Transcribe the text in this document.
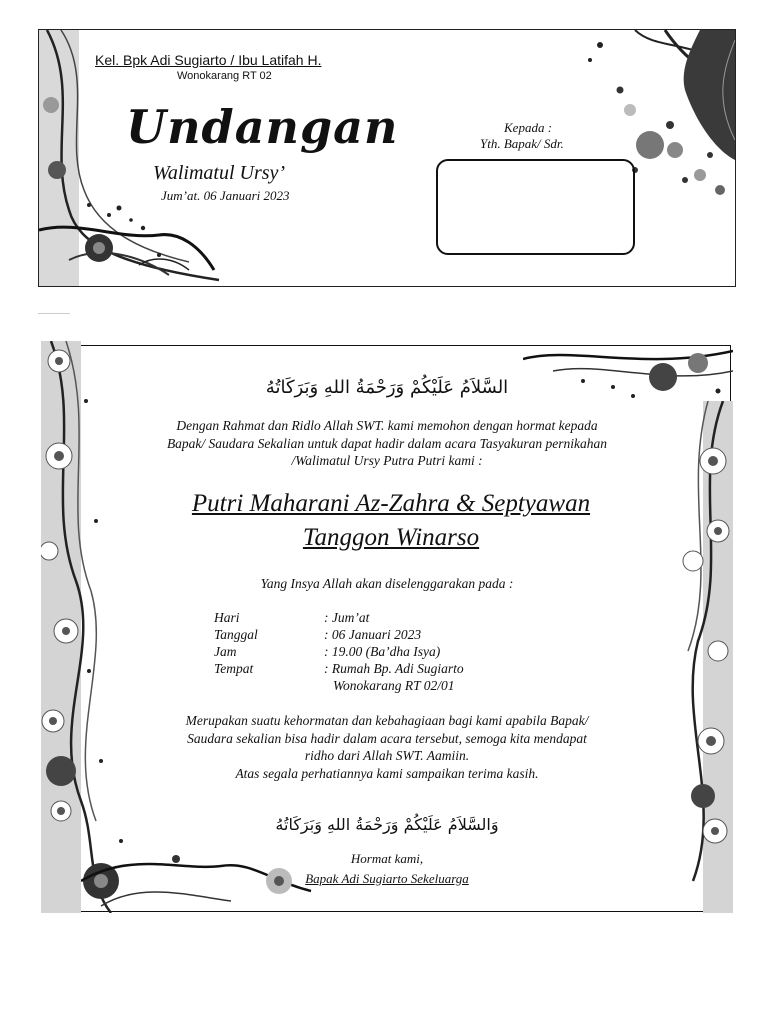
Kel. Bpk Adi Sugiarto / Ibu Latifah H.
Wonokarang RT 02
Undangan
Walimatul Ursy’
Jum’at. 06 Januari 2023
Kepada :
Yth. Bapak/ Sdr.
السَّلاَمُ عَلَيْكُمْ وَرَحْمَةُ اللهِ وَبَرَكَاتُهُ
Dengan Rahmat dan Ridlo Allah SWT. kami memohon dengan hormat kepada
Bapak/ Saudara Sekalian untuk dapat hadir dalam acara Tasyakuran pernikahan
/Walimatul Ursy Putra Putri kami :
Putri Maharani Az-Zahra & Septyawan
Tanggon Winarso
Yang Insya Allah akan diselenggarakan pada :
Hari	: Jum’at
Tanggal	: 06 Januari 2023
Jam	: 19.00 (Ba’dha Isya)
Tempat	: Rumah Bp. Adi Sugiarto
Wonokarang RT 02/01
Merupakan suatu kehormatan dan kebahagiaan bagi kami apabila Bapak/
Saudara sekalian bisa hadir dalam acara tersebut, semoga kita mendapat
ridho dari Allah SWT. Aamiin.
Atas segala perhatiannya kami sampaikan terima kasih.
وَالسَّلاَمُ عَلَيْكُمْ وَرَحْمَةُ اللهِ وَبَرَكَاتُهُ
Hormat kami,
Bapak Adi Sugiarto Sekeluarga
